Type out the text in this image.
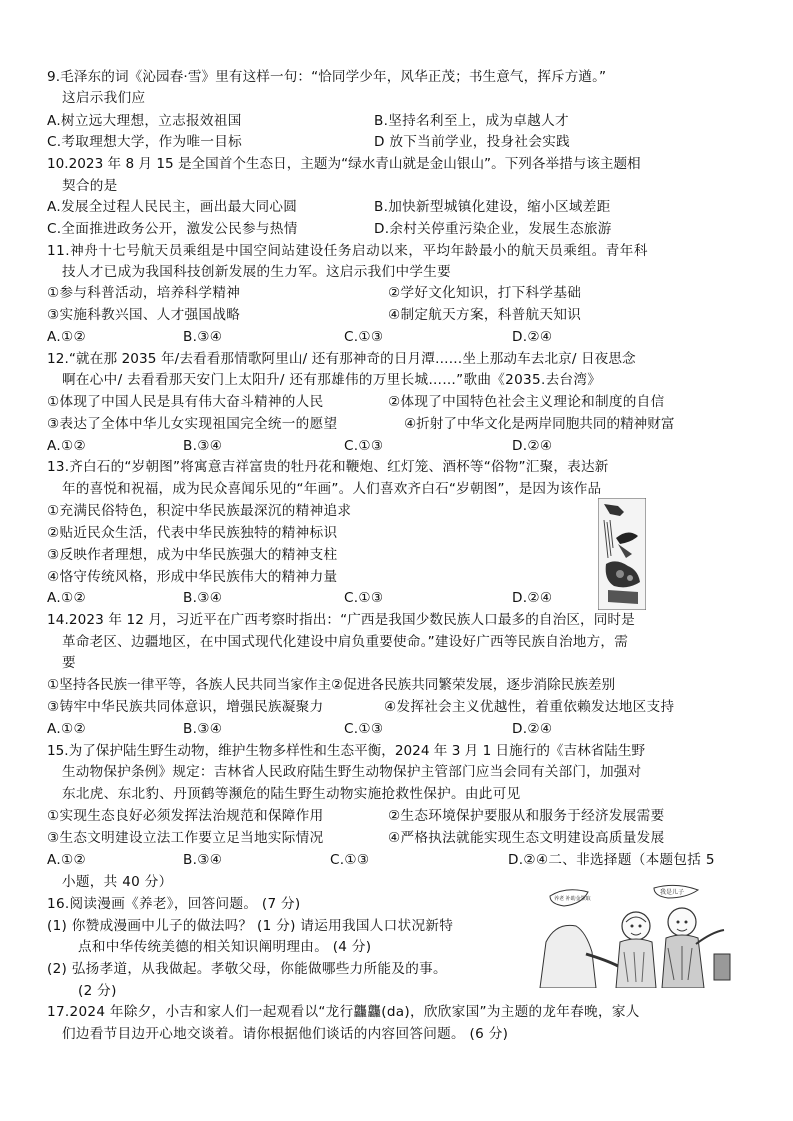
9.毛泽东的词《沁园春·雪》里有这样一句：“恰同学少年，风华正茂；书生意气，挥斥方遒。”
这启示我们应
A.树立远大理想，立志报效祖国	B.坚持名利至上，成为卓越人才
C.考取理想大学，作为唯一目标	D 放下当前学业，投身社会实践
10.2023 年 8 月 15 是全国首个生态日，主题为“绿水青山就是金山银山”。下列各举措与该主题相
契合的是
A.发展全过程人民民主，画出最大同心圆	B.加快新型城镇化建设，缩小区域差距
C.全面推进政务公开，激发公民参与热情	D.余村关停重污染企业，发展生态旅游
11.神舟十七号航天员乘组是中国空间站建设任务启动以来，平均年龄最小的航天员乘组。青年科
技人才已成为我国科技创新发展的生力军。这启示我们中学生要
①参与科普活动，培养科学精神	②学好文化知识，打下科学基础
③实施科教兴国、人才强国战略	④制定航天方案，科普航天知识
A.①②	B.③④	C.①③	D.②④
12.“就在那 2035 年/去看看那情歌阿里山/ 还有那神奇的日月潭……坐上那动车去北京/ 日夜思念
啊在心中/ 去看看那天安门上太阳升/ 还有那雄伟的万里长城……”歌曲《2035.去台湾》
①体现了中国人民是具有伟大奋斗精神的人民	②体现了中国特色社会主义理论和制度的自信
③表达了全体中华儿女实现祖国完全统一的愿望	④折射了中华文化是两岸同胞共同的精神财富
A.①②	B.③④	C.①③	D.②④
13.齐白石的“岁朝图”将寓意吉祥富贵的牡丹花和鞭炮、红灯笼、酒杯等“俗物”汇聚，表达新
年的喜悦和祝福，成为民众喜闻乐见的“年画”。人们喜欢齐白石“岁朝图”，是因为该作品
①充满民俗特色，积淀中华民族最深沉的精神追求
②贴近民众生活，代表中华民族独特的精神标识
③反映作者理想，成为中华民族强大的精神支柱
④恪守传统风格，形成中华民族伟大的精神力量
A.①②	B.③④	C.①③	D.②④
14.2023 年 12 月，习近平在广西考察时指出：“广西是我国少数民族人口最多的自治区，同时是
革命老区、边疆地区，在中国式现代化建设中肩负重要使命。”建设好广西等民族自治地方，需
要
①坚持各民族一律平等，各族人民共同当家作主②促进各民族共同繁荣发展，逐步消除民族差别
③铸牢中华民族共同体意识，增强民族凝聚力	④发挥社会主义优越性，着重依赖发达地区支持
A.①②	B.③④	C.①③	D.②④
15.为了保护陆生野生动物，维护生物多样性和生态平衡，2024 年 3 月 1 日施行的《吉林省陆生野
生动物保护条例》规定：吉林省人民政府陆生野生动物保护主管部门应当会同有关部门，加强对
东北虎、东北豹、丹顶鹤等濒危的陆生野生动物实施抢救性保护。由此可见
①实现生态良好必须发挥法治规范和保障作用	②生态环境保护要服从和服务于经济发展需要
③生态文明建设立法工作要立足当地实际情况	④严格执法就能实现生态文明建设高质量发展
A.①②	B.③④	C.①③	D.②④二、非选择题（本题包括 5
小题，共 40 分）
16.阅读漫画《养老》，回答问题。 (7 分)
(1) 你赞成漫画中儿子的做法吗？ (1 分) 请运用我国人口状况新特
点和中华传统美德的相关知识阐明理由。 (4 分)
(2) 弘扬孝道，从我做起。孝敬父母，你能做哪些力所能及的事。
(2 分)
养老 补助金领取
我是儿子
17.2024 年除夕，小吉和家人们一起观看以“龙行龘龘(da)，欣欣家国”为主题的龙年春晚，家人
们边看节目边开心地交谈着。请你根据他们谈话的内容回答问题。 (6 分)
